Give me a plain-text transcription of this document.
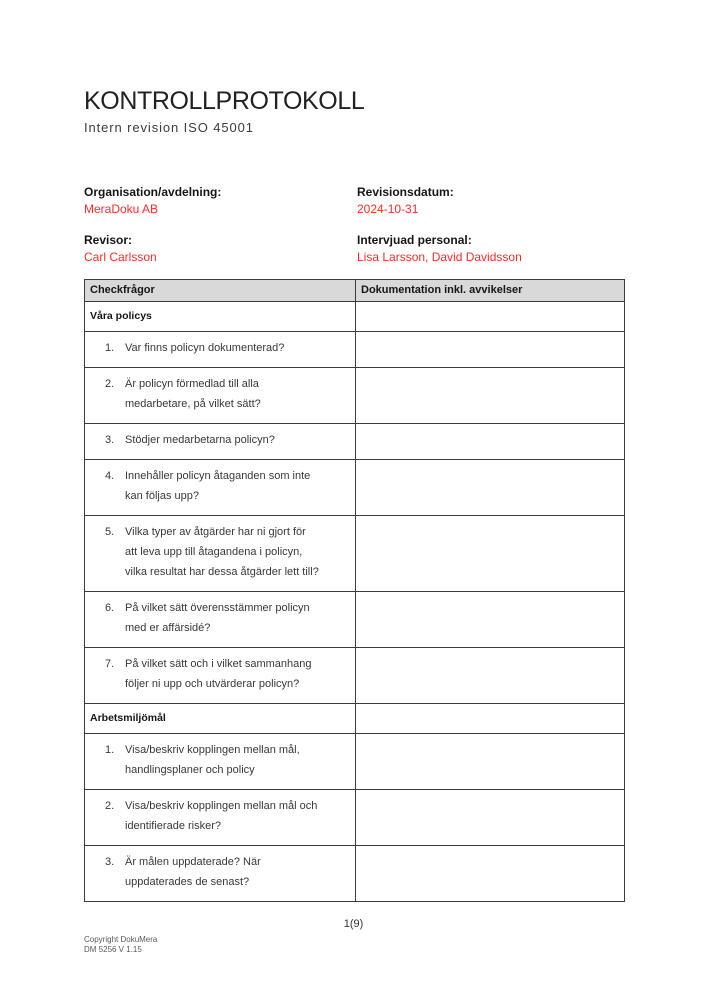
KONTROLLPROTOKOLL
Intern revision ISO 45001
Organisation/avdelning:
MeraDoku AB
Revisionsdatum:
2024-10-31
Revisor:
Carl Carlsson
Intervjuad personal:
Lisa Larsson, David Davidsson
Checkfrågor	Dokumentation inkl. avvikelser
Våra policys	

1. Var finns policyn dokumenterad?	

2. Är policyn förmedlad till alla medarbetare, på vilket sätt?	

3. Stödjer medarbetarna policyn?	

4. Innehåller policyn åtaganden som inte kan följas upp?	

5. Vilka typer av åtgärder har ni gjort för att leva upp till åtagandena i policyn, vilka resultat har dessa åtgärder lett till?	

6. På vilket sätt överensstämmer policyn med er affärsidé?	

7. På vilket sätt och i vilket sammanhang följer ni upp och utvärderar policyn?	

Arbetsmiljömål	

1. Visa/beskriv kopplingen mellan mål, handlingsplaner och policy	

2. Visa/beskriv kopplingen mellan mål och identifierade risker?	

3. Är målen uppdaterade? När uppdaterades de senast?	

1(9)
Copyright DokuMera
DM 5256 V 1.15
